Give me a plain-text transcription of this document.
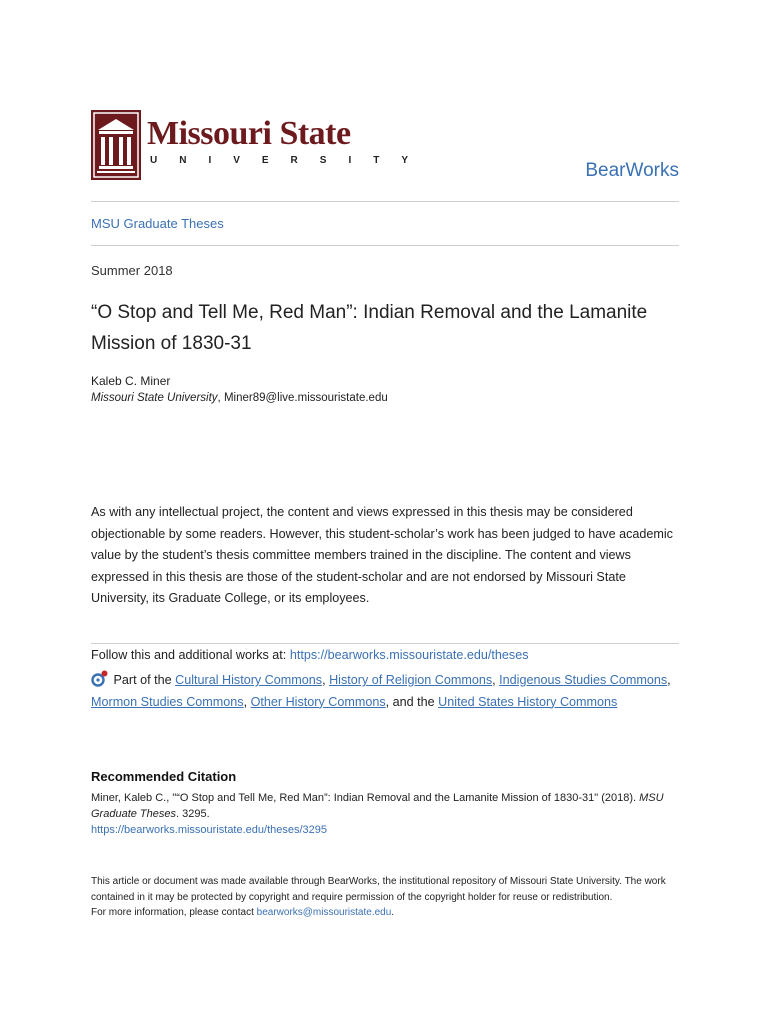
Missouri State
UNIVERSITY	BearWorks
MSU Graduate Theses
Summer 2018
“O Stop and Tell Me, Red Man”: Indian Removal and the Lamanite Mission of 1830-31
Kaleb C. Miner
Missouri State University, Miner89@live.missouristate.edu
As with any intellectual project, the content and views expressed in this thesis may be considered objectionable by some readers. However, this student-scholar’s work has been judged to have academic value by the student’s thesis committee members trained in the discipline. The content and views expressed in this thesis are those of the student-scholar and are not endorsed by Missouri State University, its Graduate College, or its employees.
Follow this and additional works at: https://bearworks.missouristate.edu/theses
Part of the Cultural History Commons, History of Religion Commons, Indigenous Studies Commons, Mormon Studies Commons, Other History Commons, and the United States History Commons
Recommended Citation
Miner, Kaleb C., "“O Stop and Tell Me, Red Man”: Indian Removal and the Lamanite Mission of 1830-31" (2018). MSU Graduate Theses. 3295.
https://bearworks.missouristate.edu/theses/3295
This article or document was made available through BearWorks, the institutional repository of Missouri State University. The work contained in it may be protected by copyright and require permission of the copyright holder for reuse or redistribution.
For more information, please contact bearworks@missouristate.edu.
